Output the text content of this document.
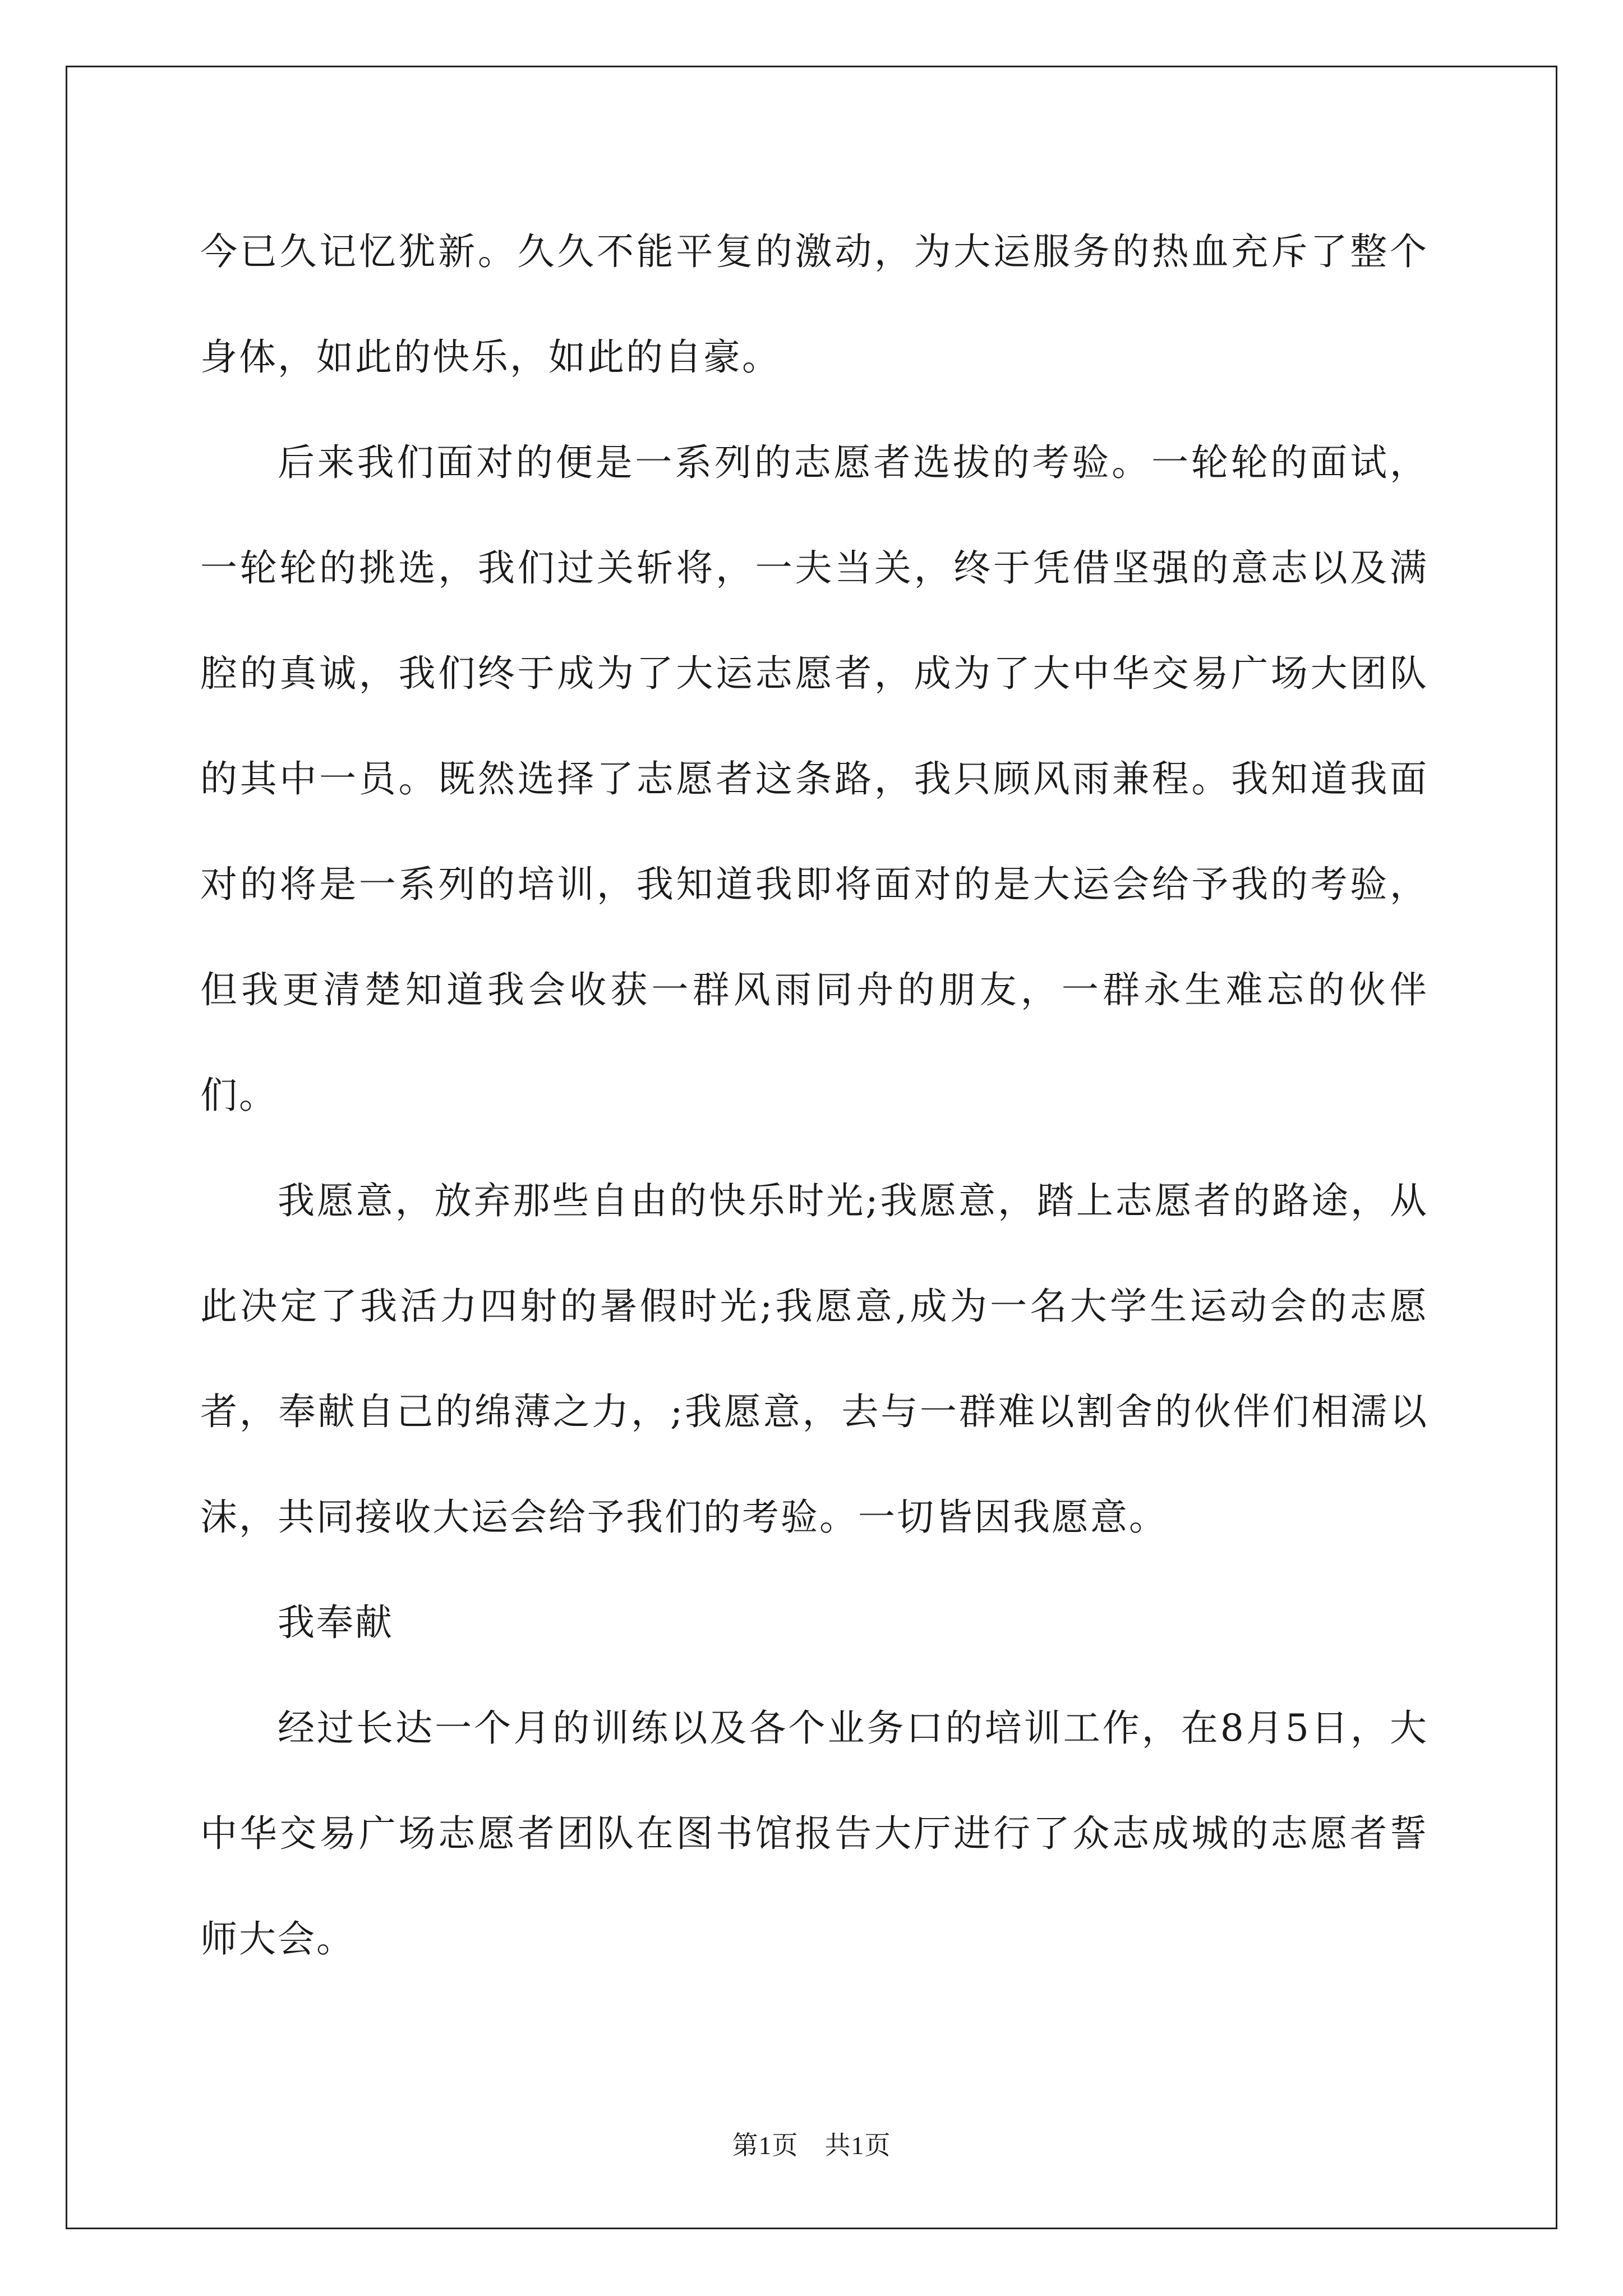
今已久记忆犹新。久久不能平复的激动，为大运服务的热血充斥了整个身体，如此的快乐，如此的自豪。

后来我们面对的便是一系列的志愿者选拔的考验。一轮轮的面试，一轮轮的挑选，我们过关斩将，一夫当关，终于凭借坚强的意志以及满腔的真诚，我们终于成为了大运志愿者，成为了大中华交易广场大团队的其中一员。既然选择了志愿者这条路，我只顾风雨兼程。我知道我面对的将是一系列的培训，我知道我即将面对的是大运会给予我的考验，但我更清楚知道我会收获一群风雨同舟的朋友，一群永生难忘的伙伴们。

我愿意，放弃那些自由的快乐时光;我愿意，踏上志愿者的路途，从此决定了我活力四射的暑假时光;我愿意,成为一名大学生运动会的志愿者，奉献自己的绵薄之力，;我愿意，去与一群难以割舍的伙伴们相濡以沫，共同接收大运会给予我们的考验。一切皆因我愿意。

我奉献

经过长达一个月的训练以及各个业务口的培训工作，在8月5日，大中华交易广场志愿者团队在图书馆报告大厅进行了众志成城的志愿者誓师大会。

第1页　共1页
